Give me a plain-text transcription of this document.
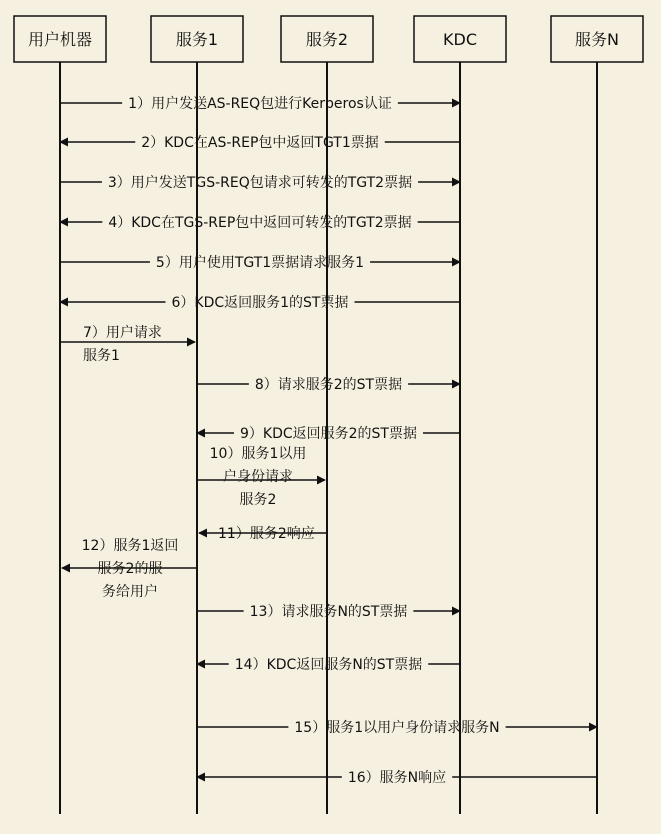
用户机器	服务1	服务2	KDC	服务N
1）用户发送AS-REQ包进行Kerberos认证
2）KDC在AS-REP包中返回TGT1票据
3）用户发送TGS-REQ包请求可转发的TGT2票据
4）KDC在TGS-REP包中返回可转发的TGT2票据
5）用户使用TGT1票据请求服务1
6）KDC返回服务1的ST票据
7）用户请求
服务1
8）请求服务2的ST票据
9）KDC返回服务2的ST票据
10）服务1以用
户身份请求
服务2
11）服务2响应
12）服务1返回
服务2的服
务给用户
13）请求服务N的ST票据
14）KDC返回服务N的ST票据
15）服务1以用户身份请求服务N
16）服务N响应
